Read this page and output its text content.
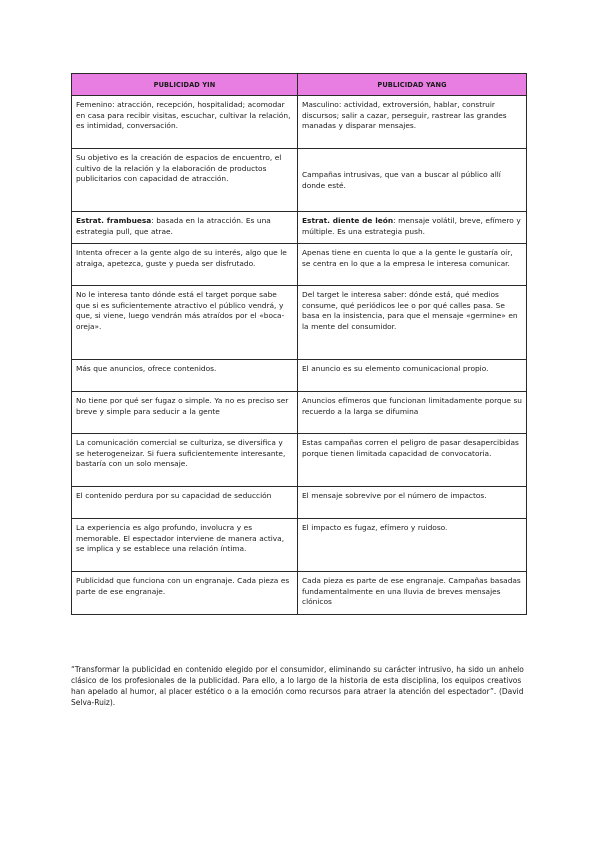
PUBLICIDAD YIN	PUBLICIDAD YANG
Femenino: atracción, recepción, hospitalidad; acomodar en casa para recibir visitas, escuchar, cultivar la relación, es intimidad, conversación.	Masculino: actividad, extroversión, hablar, construir discursos; salir a cazar, perseguir, rastrear las grandes manadas y disparar mensajes.
Su objetivo es la creación de espacios de encuentro, el cultivo de la relación y la elaboración de productos publicitarios con capacidad de atracción.	Campañas intrusivas, que van a buscar al público allí donde esté.
Estrat. frambuesa: basada en la atracción. Es una estrategia pull, que atrae.	Estrat. diente de león: mensaje volátil, breve, efímero y múltiple. Es una estrategia push.
Intenta ofrecer a la gente algo de su interés, algo que le atraiga, apetezca, guste y pueda ser disfrutado.	Apenas tiene en cuenta lo que a la gente le gustaría oír, se centra en lo que a la empresa le interesa comunicar.
No le interesa tanto dónde está el target porque sabe que si es suficientemente atractivo el público vendrá, y que, si viene, luego vendrán más atraídos por el «boca-oreja».	Del target le interesa saber: dónde está, qué medios consume, qué periódicos lee o por qué calles pasa. Se basa en la insistencia, para que el mensaje «germine» en la mente del consumidor.
Más que anuncios, ofrece contenidos.	El anuncio es su elemento comunicacional propio.
No tiene por qué ser fugaz o simple. Ya no es preciso ser breve y simple para seducir a la gente	Anuncios efímeros que funcionan limitadamente porque su recuerdo a la larga se difumina
La comunicación comercial se culturiza, se diversifica y se heterogeneizar. Si fuera suficientemente interesante, bastaría con un solo mensaje.	Estas campañas corren el peligro de pasar desapercibidas porque tienen limitada capacidad de convocatoria.
El contenido perdura por su capacidad de seducción	El mensaje sobrevive por el número de impactos.
La experiencia es algo profundo, involucra y es memorable. El espectador interviene de manera activa, se implica y se establece una relación íntima.	El impacto es fugaz, efímero y ruidoso.
Publicidad que funciona con un engranaje. Cada pieza es parte de ese engranaje.	Cada pieza es parte de ese engranaje. Campañas basadas fundamentalmente en una lluvia de breves mensajes clónicos

“Transformar la publicidad en contenido elegido por el consumidor, eliminando su carácter intrusivo, ha sido un anhelo clásico de los profesionales de la publicidad. Para ello, a lo largo de la historia de esta disciplina, los equipos creativos han apelado al humor, al placer estético o a la emoción como recursos para atraer la atención del espectador”. (David Selva-Ruiz).
